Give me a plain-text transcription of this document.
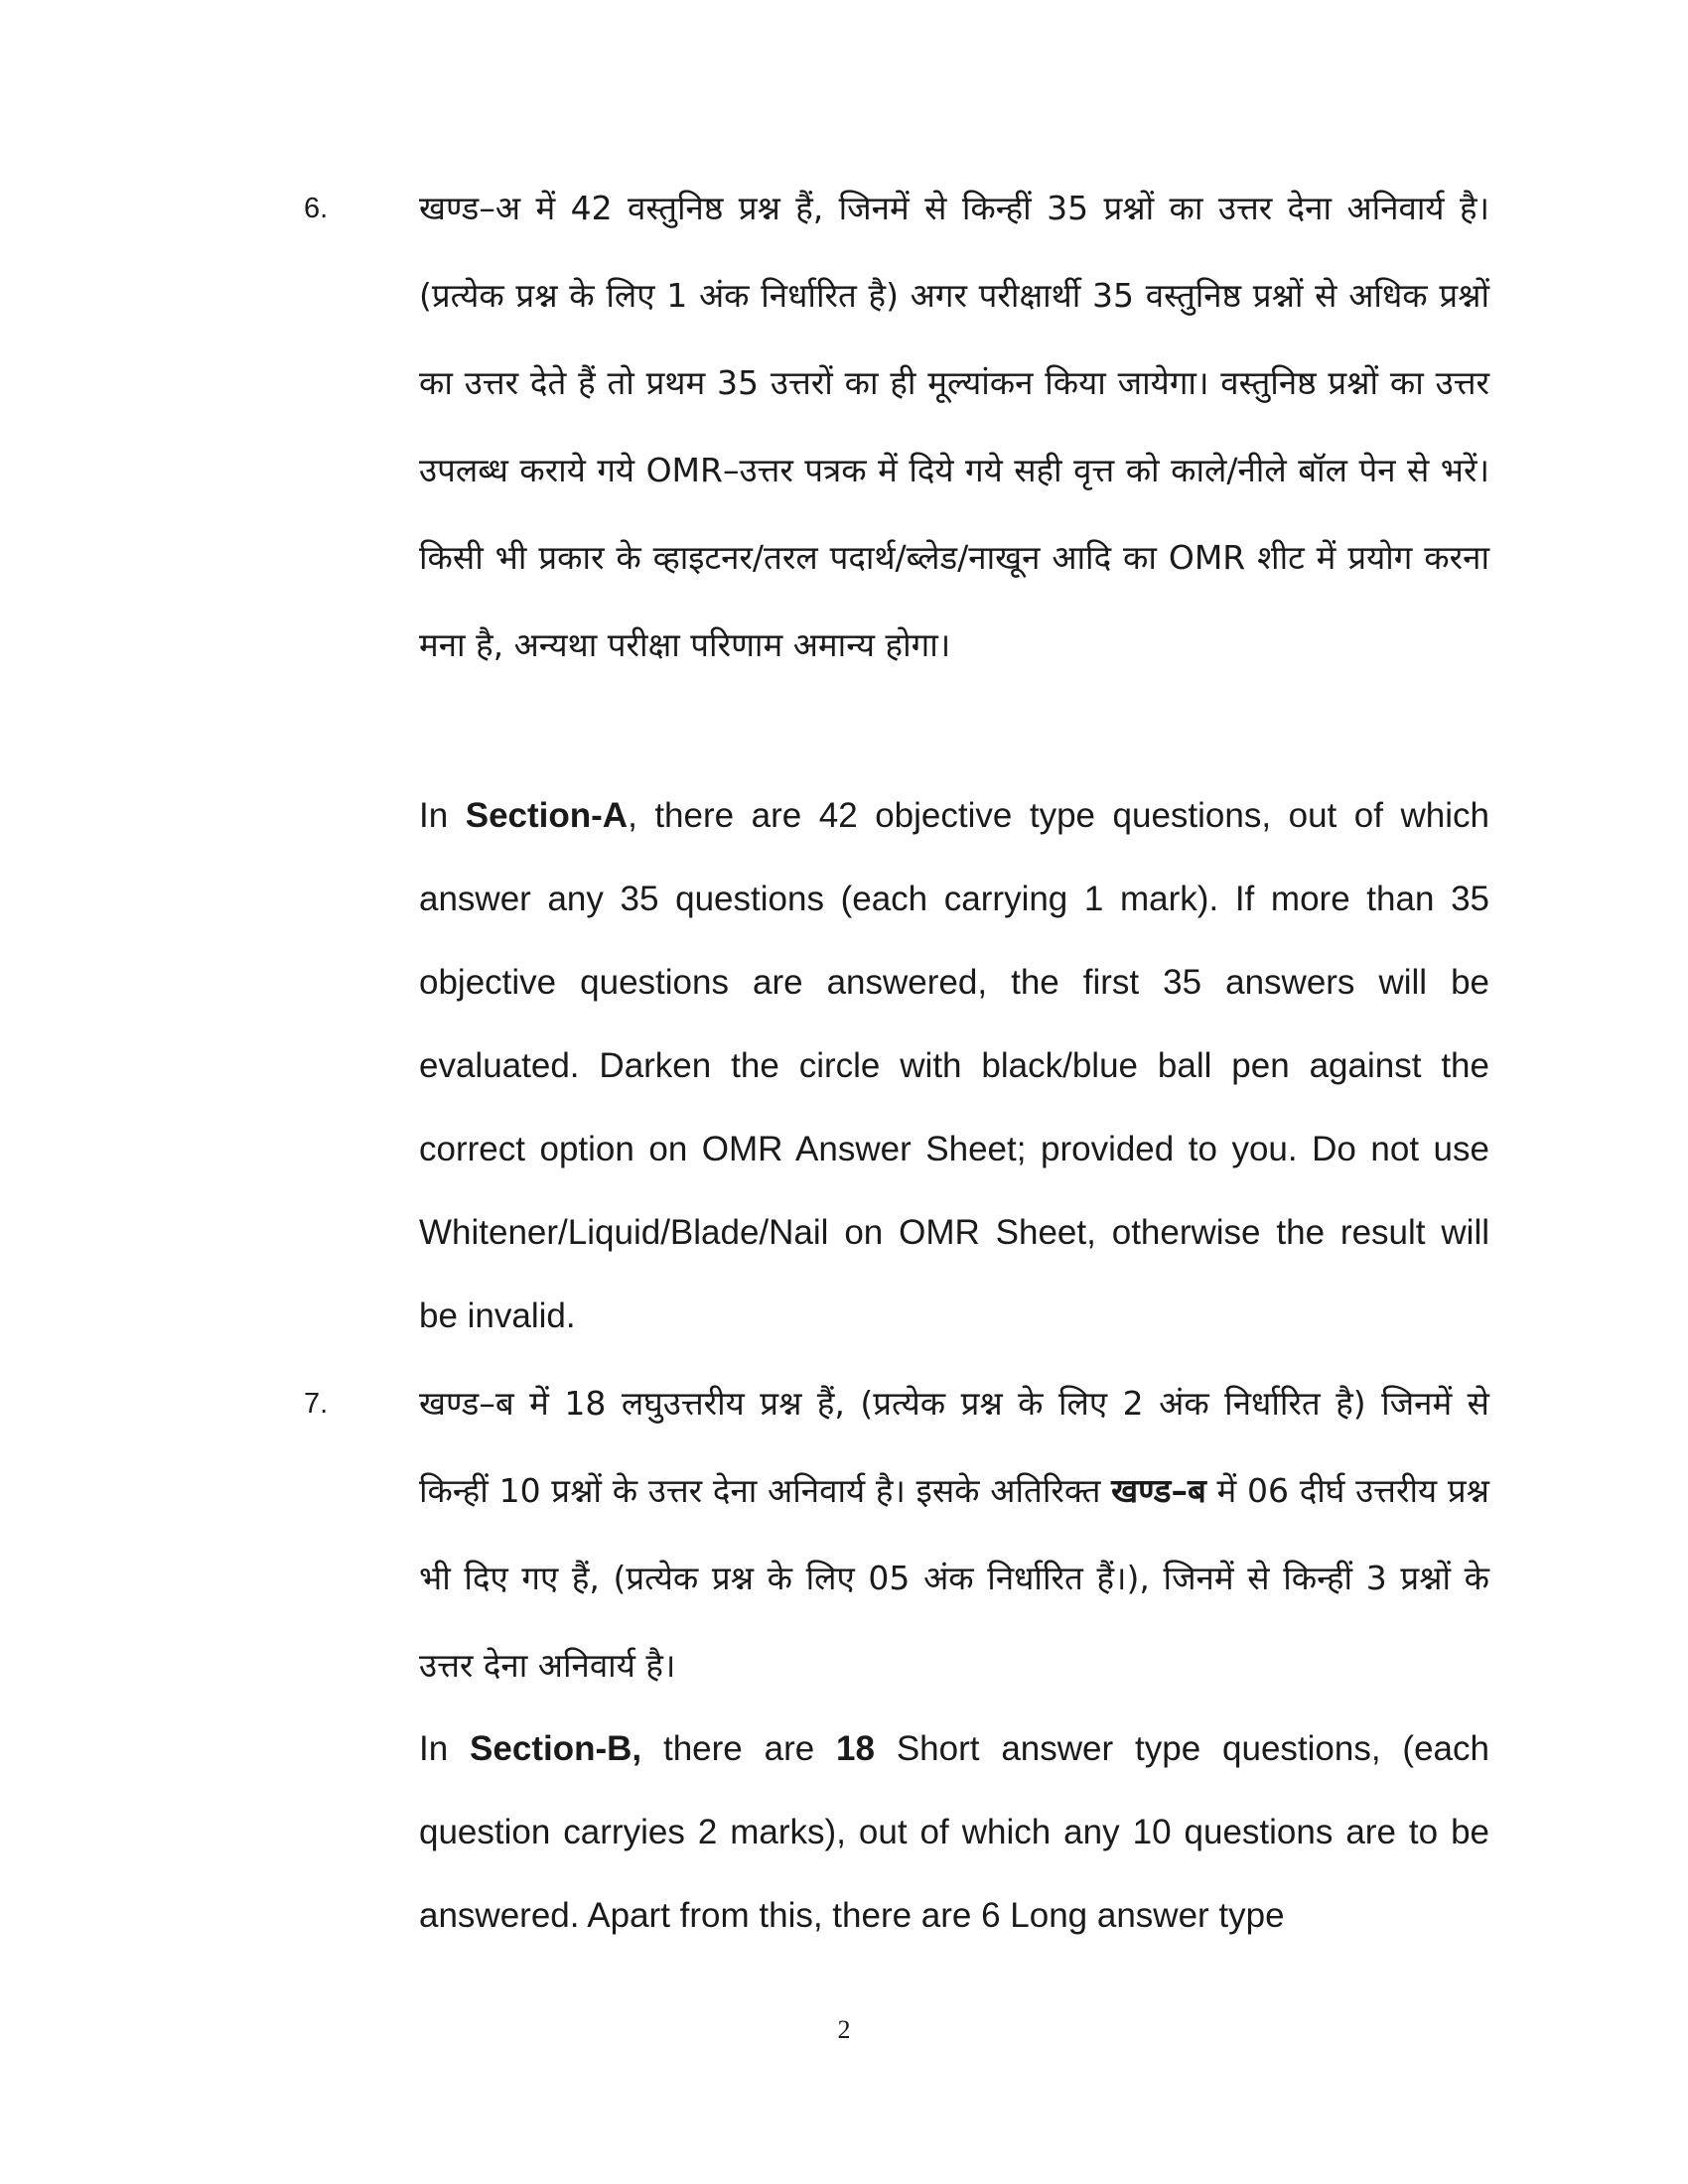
6.	खण्ड–अ में 42 वस्तुनिष्ठ प्रश्न हैं, जिनमें से किन्हीं 35 प्रश्नों का उत्तर देना अनिवार्य है। (प्रत्येक प्रश्न के लिए 1 अंक निर्धारित है) अगर परीक्षार्थी 35 वस्तुनिष्ठ प्रश्नों से अधिक प्रश्नों का उत्तर देते हैं तो प्रथम 35 उत्तरों का ही मूल्यांकन किया जायेगा। वस्तुनिष्ठ प्रश्नों का उत्तर उपलब्ध कराये गये OMR–उत्तर पत्रक में दिये गये सही वृत्त को काले/नीले बॉल पेन से भरें। किसी भी प्रकार के व्हाइटनर/तरल पदार्थ/ब्लेड/नाखून आदि का OMR शीट में प्रयोग करना मना है, अन्यथा परीक्षा परिणाम अमान्य होगा।

In Section-A, there are 42 objective type questions, out of which answer any 35 questions (each carrying 1 mark). If more than 35 objective questions are answered, the first 35 answers will be evaluated. Darken the circle with black/blue ball pen against the correct option on OMR Answer Sheet; provided to you. Do not use Whitener/Liquid/Blade/Nail on OMR Sheet, otherwise the result will be invalid.

7.	खण्ड–ब में 18 लघुउत्तरीय प्रश्न हैं, (प्रत्येक प्रश्न के लिए 2 अंक निर्धारित है) जिनमें से किन्हीं 10 प्रश्नों के उत्तर देना अनिवार्य है। इसके अतिरिक्त खण्ड–ब में 06 दीर्घ उत्तरीय प्रश्न भी दिए गए हैं, (प्रत्येक प्रश्न के लिए 05 अंक निर्धारित हैं।), जिनमें से किन्हीं 3 प्रश्नों के उत्तर देना अनिवार्य है।

In Section-B, there are 18 Short answer type questions, (each question carryies 2 marks), out of which any 10 questions are to be answered. Apart from this, there are 6 Long answer type

2
